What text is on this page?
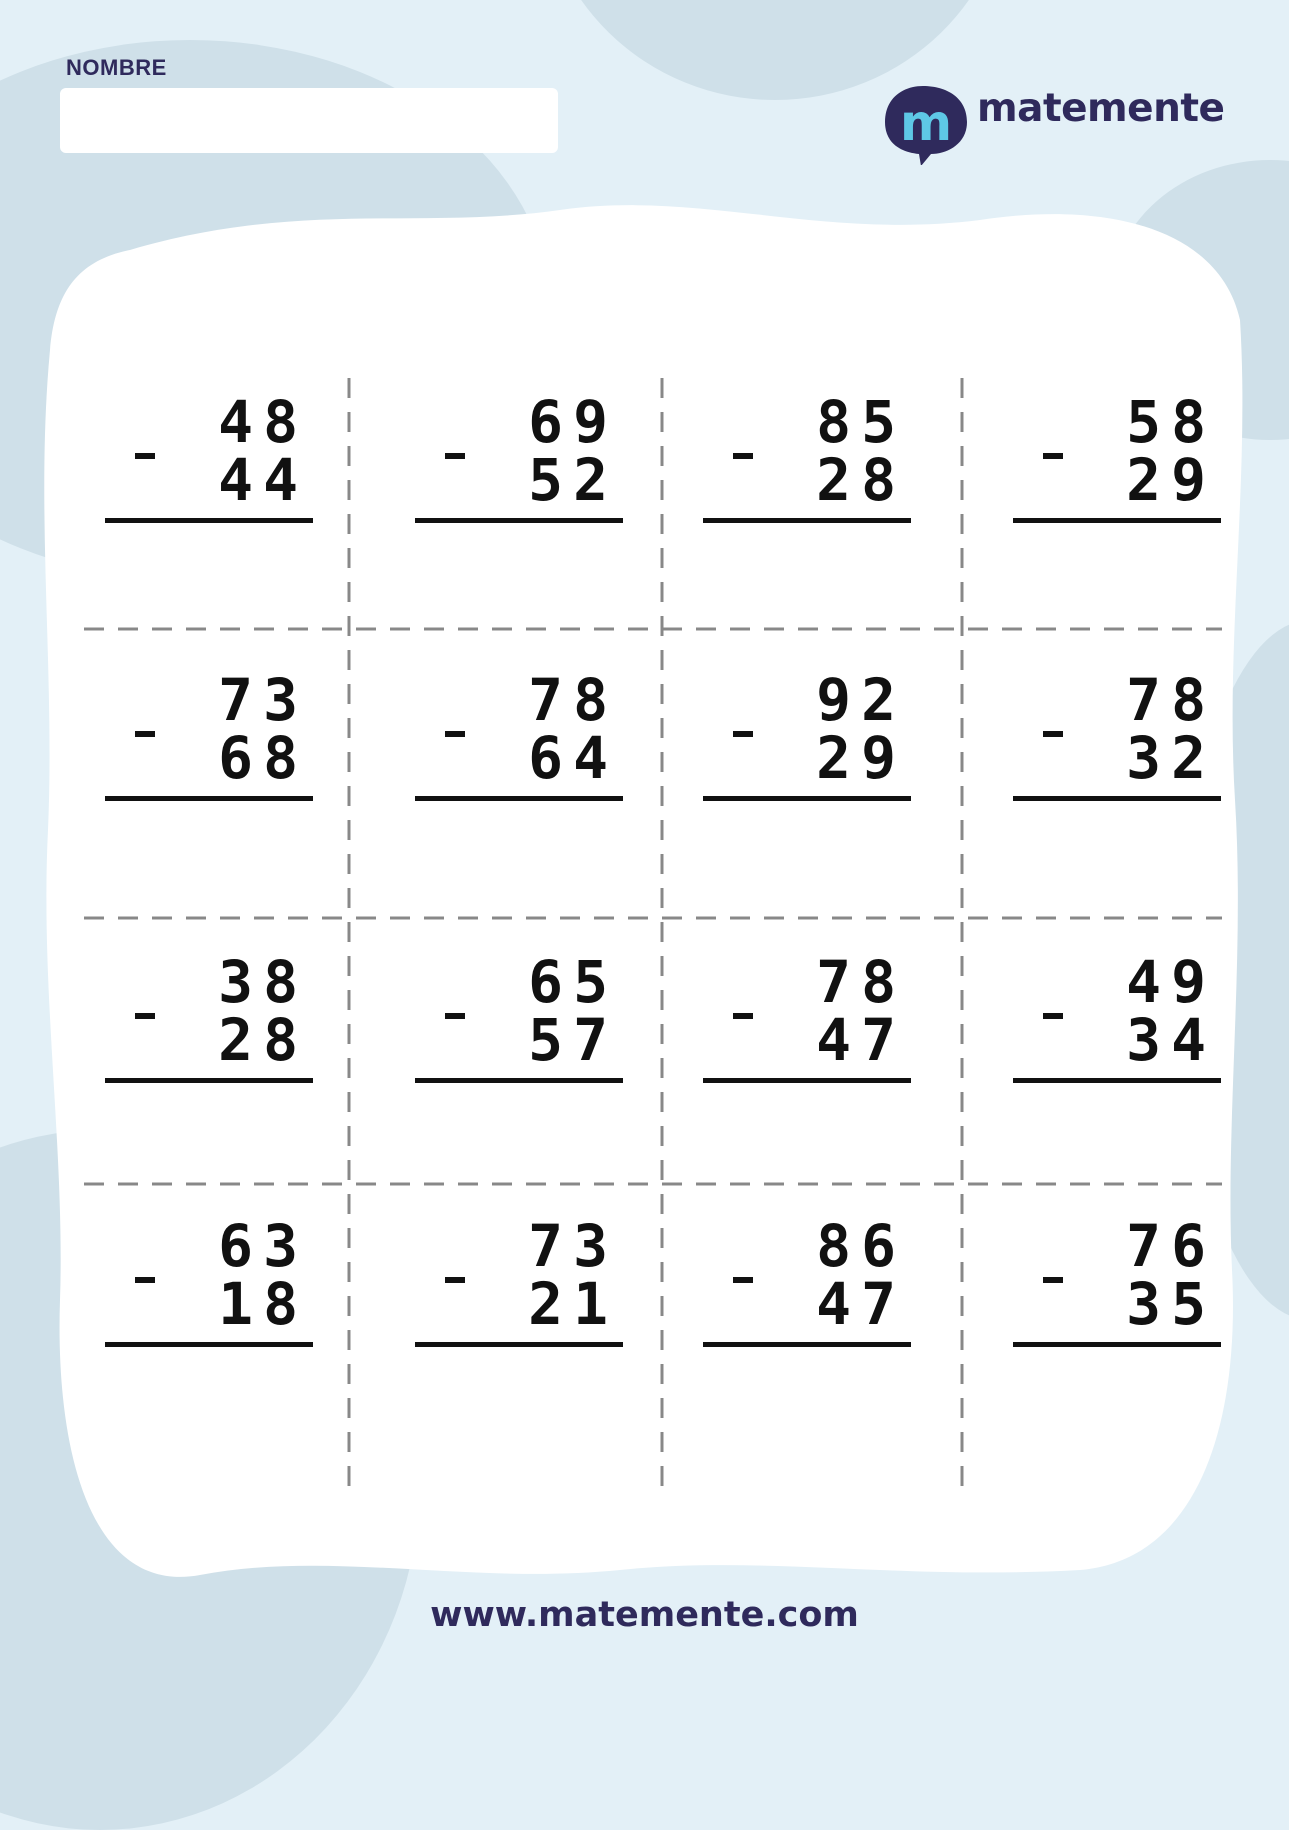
NOMBRE
m matemente
48
44
69
52
85
28
58
29
73
68
78
64
92
29
78
32
38
28
65
57
78
47
49
34
63
18
73
21
86
47
76
35
www.matemente.com
